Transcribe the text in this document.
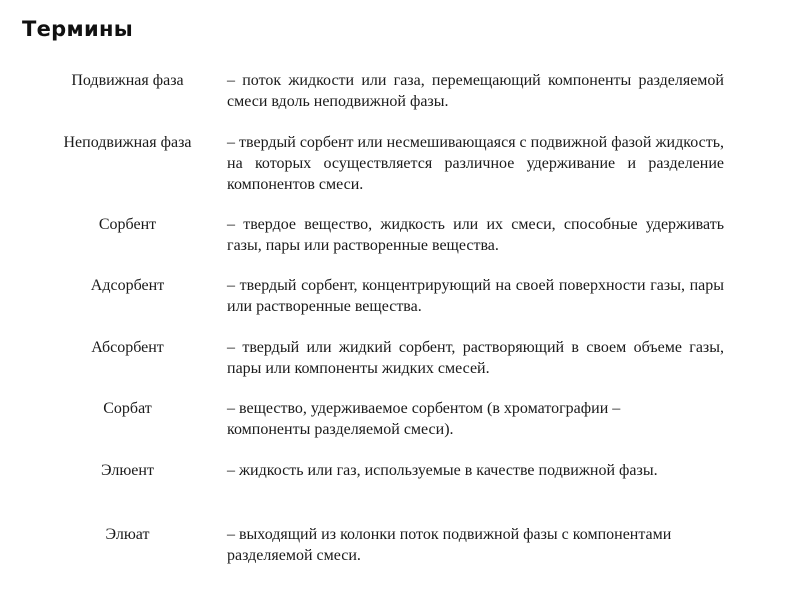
Термины
Подвижная фаза	– поток жидкости или газа, перемещающий компоненты разделяемой смеси вдоль неподвижной фазы.
Неподвижная фаза	– твердый сорбент или несмешивающаяся с подвижной фазой жидкость, на которых осуществляется различное удерживание и разделение компонентов смеси.
Сорбент	– твердое вещество, жидкость или их смеси, способные удерживать газы, пары или растворенные вещества.
Адсорбент	– твердый сорбент, концентрирующий на своей поверхности газы, пары или растворенные вещества.
Абсорбент	– твердый или жидкий сорбент, растворяющий в своем объеме газы, пары или компоненты жидких смесей.
Сорбат	– вещество, удерживаемое сорбентом (в хроматографии – компоненты разделяемой смеси).
Элюент	– жидкость или газ, используемые в качестве подвижной фазы.
Элюат	– выходящий из колонки поток подвижной фазы с компонентами разделяемой смеси.
